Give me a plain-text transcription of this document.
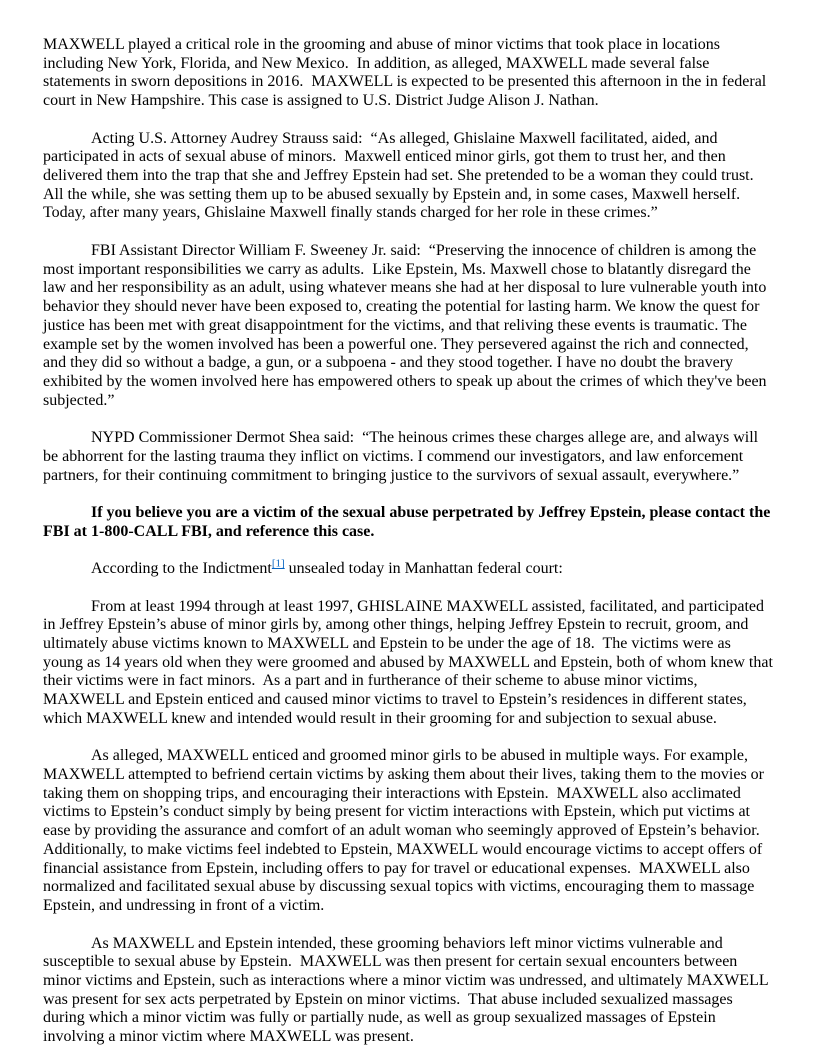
MAXWELL played a critical role in the grooming and abuse of minor victims that took place in locations including New York, Florida, and New Mexico.  In addition, as alleged, MAXWELL made several false statements in sworn depositions in 2016.  MAXWELL is expected to be presented this afternoon in the in federal court in New Hampshire. This case is assigned to U.S. District Judge Alison J. Nathan.

Acting U.S. Attorney Audrey Strauss said:  “As alleged, Ghislaine Maxwell facilitated, aided, and participated in acts of sexual abuse of minors.  Maxwell enticed minor girls, got them to trust her, and then delivered them into the trap that she and Jeffrey Epstein had set. She pretended to be a woman they could trust. All the while, she was setting them up to be abused sexually by Epstein and, in some cases, Maxwell herself. Today, after many years, Ghislaine Maxwell finally stands charged for her role in these crimes.”

FBI Assistant Director William F. Sweeney Jr. said:  “Preserving the innocence of children is among the most important responsibilities we carry as adults.  Like Epstein, Ms. Maxwell chose to blatantly disregard the law and her responsibility as an adult, using whatever means she had at her disposal to lure vulnerable youth into behavior they should never have been exposed to, creating the potential for lasting harm. We know the quest for justice has been met with great disappointment for the victims, and that reliving these events is traumatic. The example set by the women involved has been a powerful one. They persevered against the rich and connected, and they did so without a badge, a gun, or a subpoena - and they stood together. I have no doubt the bravery exhibited by the women involved here has empowered others to speak up about the crimes of which they've been subjected.”

NYPD Commissioner Dermot Shea said:  “The heinous crimes these charges allege are, and always will be abhorrent for the lasting trauma they inflict on victims. I commend our investigators, and law enforcement partners, for their continuing commitment to bringing justice to the survivors of sexual assault, everywhere.”

If you believe you are a victim of the sexual abuse perpetrated by Jeffrey Epstein, please contact the FBI at 1-800-CALL FBI, and reference this case.

According to the Indictment[1] unsealed today in Manhattan federal court:

From at least 1994 through at least 1997, GHISLAINE MAXWELL assisted, facilitated, and participated in Jeffrey Epstein’s abuse of minor girls by, among other things, helping Jeffrey Epstein to recruit, groom, and ultimately abuse victims known to MAXWELL and Epstein to be under the age of 18.  The victims were as young as 14 years old when they were groomed and abused by MAXWELL and Epstein, both of whom knew that their victims were in fact minors.  As a part and in furtherance of their scheme to abuse minor victims, MAXWELL and Epstein enticed and caused minor victims to travel to Epstein’s residences in different states, which MAXWELL knew and intended would result in their grooming for and subjection to sexual abuse.

As alleged, MAXWELL enticed and groomed minor girls to be abused in multiple ways. For example, MAXWELL attempted to befriend certain victims by asking them about their lives, taking them to the movies or taking them on shopping trips, and encouraging their interactions with Epstein.  MAXWELL also acclimated victims to Epstein’s conduct simply by being present for victim interactions with Epstein, which put victims at ease by providing the assurance and comfort of an adult woman who seemingly approved of Epstein’s behavior. Additionally, to make victims feel indebted to Epstein, MAXWELL would encourage victims to accept offers of financial assistance from Epstein, including offers to pay for travel or educational expenses.  MAXWELL also normalized and facilitated sexual abuse by discussing sexual topics with victims, encouraging them to massage Epstein, and undressing in front of a victim.

As MAXWELL and Epstein intended, these grooming behaviors left minor victims vulnerable and susceptible to sexual abuse by Epstein.  MAXWELL was then present for certain sexual encounters between minor victims and Epstein, such as interactions where a minor victim was undressed, and ultimately MAXWELL was present for sex acts perpetrated by Epstein on minor victims.  That abuse included sexualized massages during which a minor victim was fully or partially nude, as well as group sexualized massages of Epstein involving a minor victim where MAXWELL was present.
